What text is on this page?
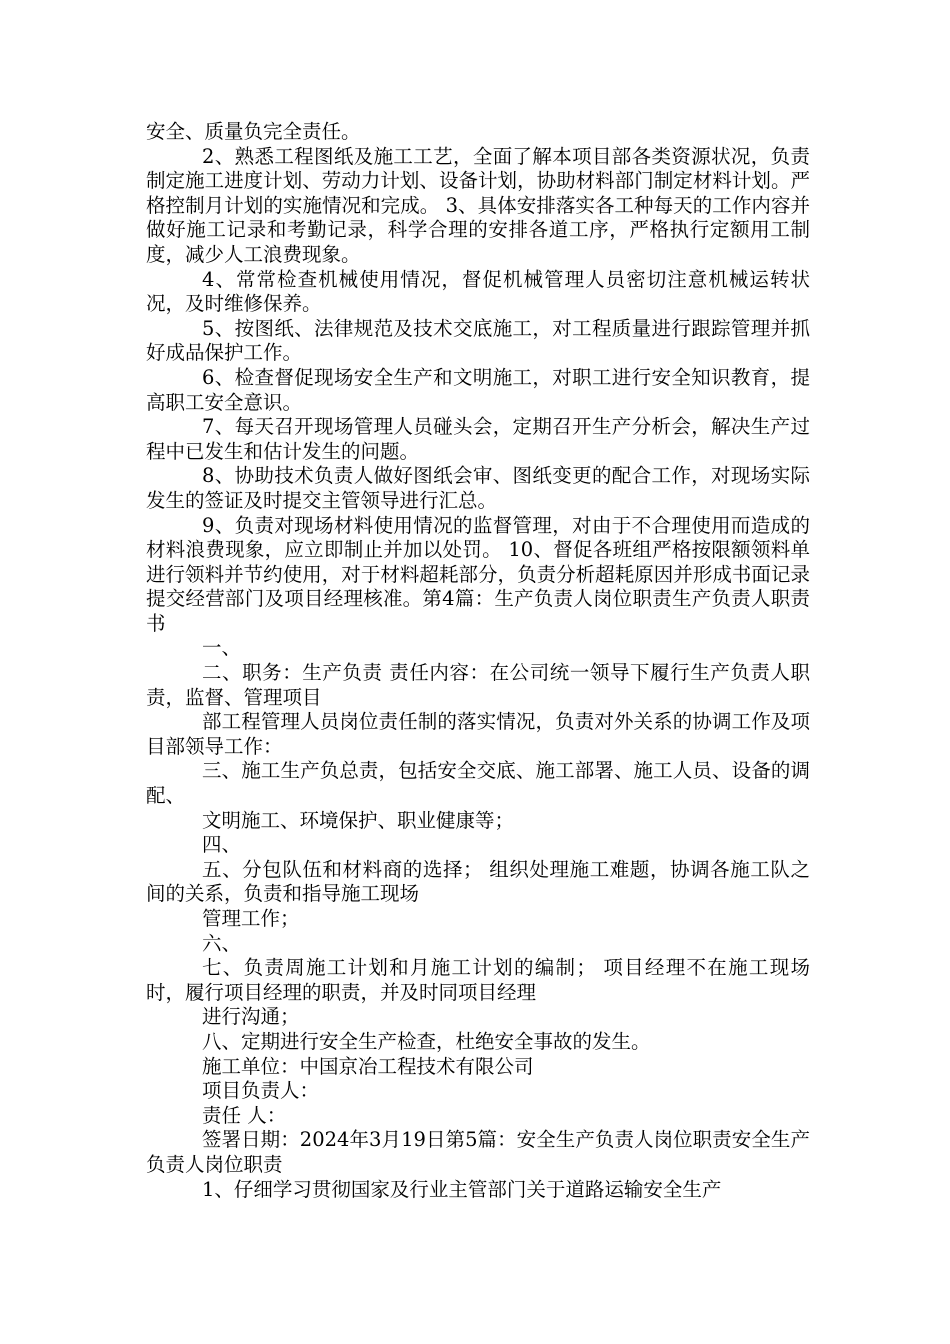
安全、质量负完全责任。

2、熟悉工程图纸及施工工艺，全面了解本项目部各类资源状况，负责制定施工进度计划、劳动力计划、设备计划，协助材料部门制定材料计划。严格控制月计划的实施情况和完成。 3、具体安排落实各工种每天的工作内容并做好施工记录和考勤记录，科学合理的安排各道工序，严格执行定额用工制度，减少人工浪费现象。

4、常常检查机械使用情况，督促机械管理人员密切注意机械运转状况，及时维修保养。

5、按图纸、法律规范及技术交底施工，对工程质量进行跟踪管理并抓好成品保护工作。

6、检查督促现场安全生产和文明施工，对职工进行安全知识教育，提高职工安全意识。

7、每天召开现场管理人员碰头会，定期召开生产分析会，解决生产过程中已发生和估计发生的问题。

8、协助技术负责人做好图纸会审、图纸变更的配合工作，对现场实际发生的签证及时提交主管领导进行汇总。

9、负责对现场材料使用情况的监督管理，对由于不合理使用而造成的材料浪费现象，应立即制止并加以处罚。 10、督促各班组严格按限额领料单进行领料并节约使用，对于材料超耗部分，负责分析超耗原因并形成书面记录提交经营部门及项目经理核准。第4篇：生产负责人岗位职责生产负责人职责书

一、

二、职务：生产负责 责任内容：在公司统一领导下履行生产负责人职责，监督、管理项目

部工程管理人员岗位责任制的落实情况，负责对外关系的协调工作及项目部领导工作：

三、施工生产负总责，包括安全交底、施工部署、施工人员、设备的调配、

文明施工、环境保护、职业健康等；

四、

五、分包队伍和材料商的选择； 组织处理施工难题，协调各施工队之间的关系，负责和指导施工现场

管理工作；

六、

七、负责周施工计划和月施工计划的编制； 项目经理不在施工现场时，履行项目经理的职责，并及时同项目经理

进行沟通；

八、定期进行安全生产检查，杜绝安全事故的发生。

施工单位：中国京冶工程技术有限公司

项目负责人：

责任 人：

签署日期：2024年3月19日第5篇：安全生产负责人岗位职责安全生产负责人岗位职责

1、仔细学习贯彻国家及行业主管部门关于道路运输安全生产
